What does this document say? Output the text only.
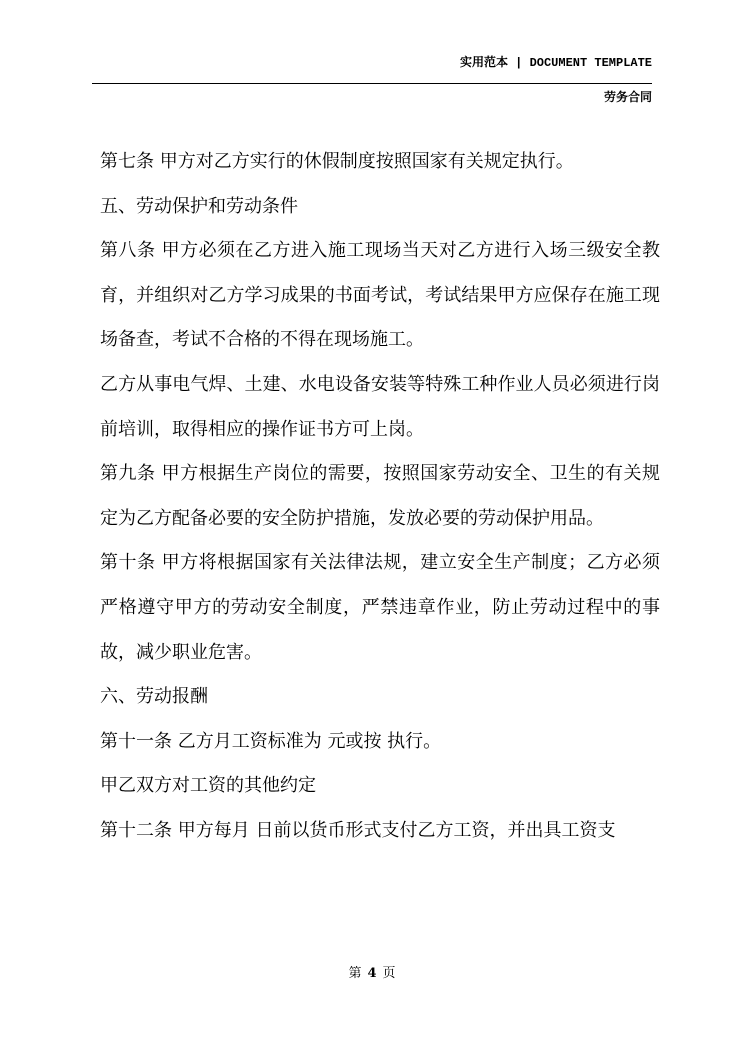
实用范本 | DOCUMENT TEMPLATE
劳务合同

第七条 甲方对乙方实行的休假制度按照国家有关规定执行。

五、劳动保护和劳动条件

第八条 甲方必须在乙方进入施工现场当天对乙方进行入场三级安全教育，并组织对乙方学习成果的书面考试，考试结果甲方应保存在施工现场备查，考试不合格的不得在现场施工。

乙方从事电气焊、土建、水电设备安装等特殊工种作业人员必须进行岗前培训，取得相应的操作证书方可上岗。

第九条 甲方根据生产岗位的需要，按照国家劳动安全、卫生的有关规定为乙方配备必要的安全防护措施，发放必要的劳动保护用品。

第十条 甲方将根据国家有关法律法规，建立安全生产制度；乙方必须严格遵守甲方的劳动安全制度，严禁违章作业，防止劳动过程中的事故，减少职业危害。

六、劳动报酬

第十一条 乙方月工资标准为 元或按 执行。

甲乙双方对工资的其他约定

第十二条 甲方每月 日前以货币形式支付乙方工资，并出具工资支

第 4 页
